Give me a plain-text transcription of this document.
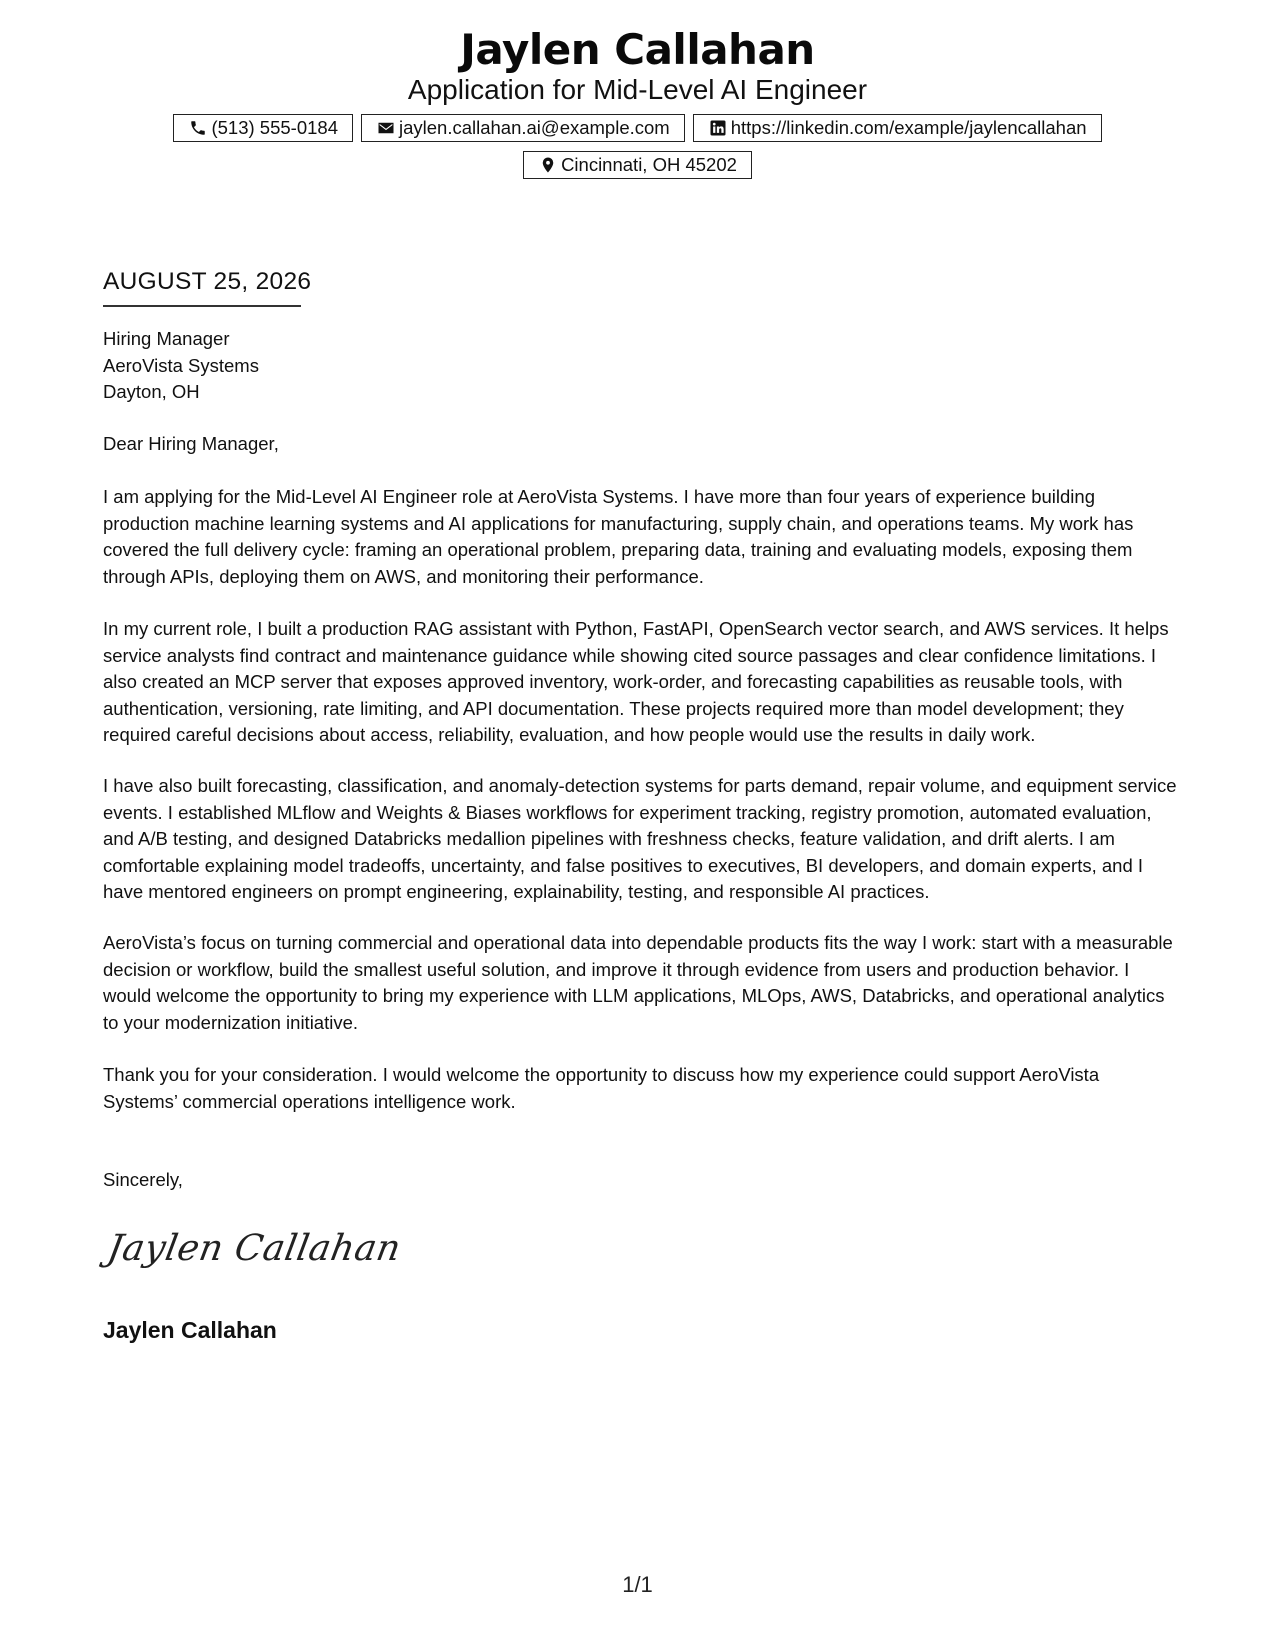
Jaylen Callahan
Application for Mid-Level AI Engineer
(513) 555-0184	jaylen.callahan.ai@example.com	https://linkedin.com/example/jaylencallahan
Cincinnati, OH 45202
AUGUST 25, 2026
Hiring Manager
AeroVista Systems
Dayton, OH

Dear Hiring Manager,

I am applying for the Mid-Level AI Engineer role at AeroVista Systems. I have more than four years of experience building production machine learning systems and AI applications for manufacturing, supply chain, and operations teams. My work has covered the full delivery cycle: framing an operational problem, preparing data, training and evaluating models, exposing them through APIs, deploying them on AWS, and monitoring their performance.

In my current role, I built a production RAG assistant with Python, FastAPI, OpenSearch vector search, and AWS services. It helps service analysts find contract and maintenance guidance while showing cited source passages and clear confidence limitations. I also created an MCP server that exposes approved inventory, work-order, and forecasting capabilities as reusable tools, with authentication, versioning, rate limiting, and API documentation. These projects required more than model development; they required careful decisions about access, reliability, evaluation, and how people would use the results in daily work.

I have also built forecasting, classification, and anomaly-detection systems for parts demand, repair volume, and equipment service events. I established MLflow and Weights & Biases workflows for experiment tracking, registry promotion, automated evaluation, and A/B testing, and designed Databricks medallion pipelines with freshness checks, feature validation, and drift alerts. I am comfortable explaining model tradeoffs, uncertainty, and false positives to executives, BI developers, and domain experts, and I have mentored engineers on prompt engineering, explainability, testing, and responsible AI practices.

AeroVista’s focus on turning commercial and operational data into dependable products fits the way I work: start with a measurable decision or workflow, build the smallest useful solution, and improve it through evidence from users and production behavior. I would welcome the opportunity to bring my experience with LLM applications, MLOps, AWS, Databricks, and operational analytics to your modernization initiative.

Thank you for your consideration. I would welcome the opportunity to discuss how my experience could support AeroVista Systems’ commercial operations intelligence work.

Sincerely,

Jaylen Callahan
Jaylen Callahan
1/1
